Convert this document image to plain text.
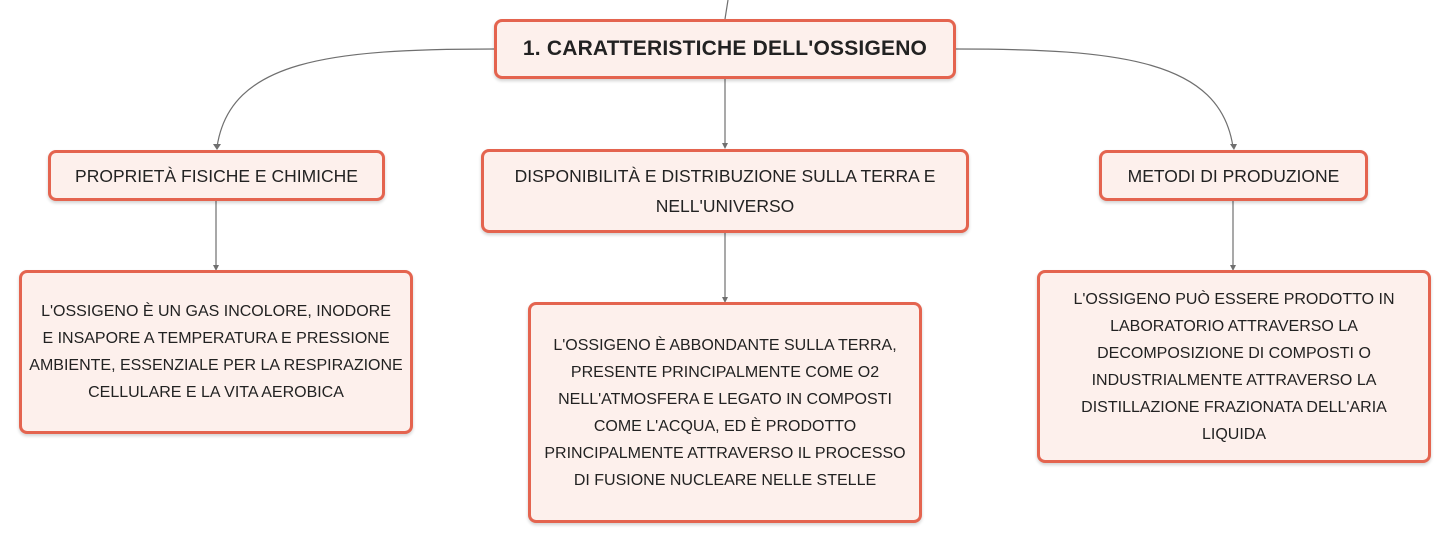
1. CARATTERISTICHE DELL'OSSIGENO
PROPRIETÀ FISICHE E CHIMICHE	DISPONIBILITÀ E DISTRIBUZIONE SULLA TERRA E
NELL'UNIVERSO
METODI DI PRODUZIONE
L'OSSIGENO È UN GAS INCOLORE, INODORE
E INSAPORE A TEMPERATURA E PRESSIONE
AMBIENTE, ESSENZIALE PER LA RESPIRAZIONE
CELLULARE E LA VITA AEROBICA
L'OSSIGENO È ABBONDANTE SULLA TERRA,
PRESENTE PRINCIPALMENTE COME O2
NELL'ATMOSFERA E LEGATO IN COMPOSTI
COME L'ACQUA, ED È PRODOTTO
PRINCIPALMENTE ATTRAVERSO IL PROCESSO
DI FUSIONE NUCLEARE NELLE STELLE
L'OSSIGENO PUÒ ESSERE PRODOTTO IN
LABORATORIO ATTRAVERSO LA
DECOMPOSIZIONE DI COMPOSTI O
INDUSTRIALMENTE ATTRAVERSO LA
DISTILLAZIONE FRAZIONATA DELL'ARIA
LIQUIDA
